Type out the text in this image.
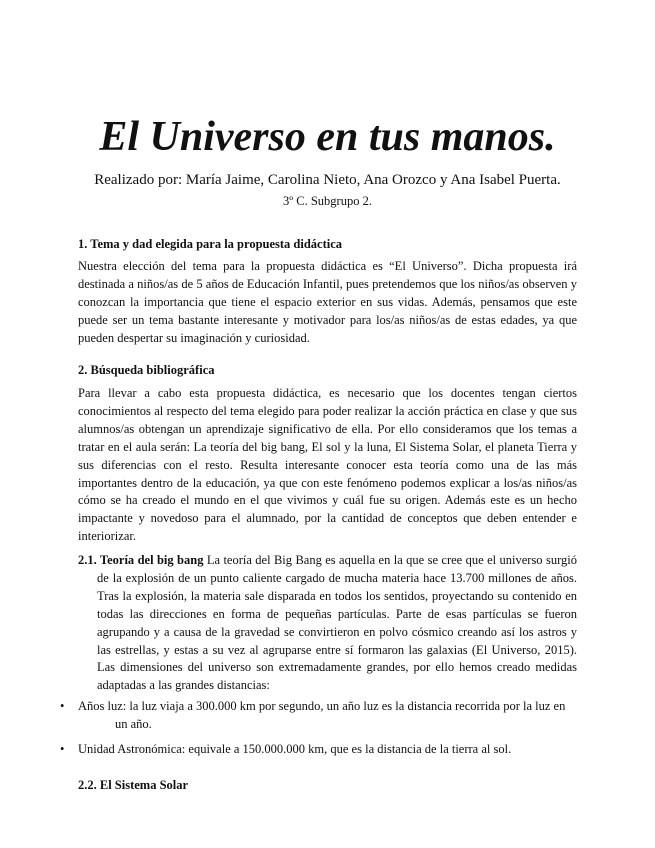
El Universo en tus manos.

Realizado por: María Jaime, Carolina Nieto, Ana Orozco y Ana Isabel Puerta.

3º C. Subgrupo 2.

1. Tema y dad elegida para la propuesta didáctica

Nuestra elección del tema para la propuesta didáctica es “El Universo”. Dicha propuesta irá destinada a niños/as de 5 años de Educación Infantil, pues pretendemos que los niños/as observen y conozcan la importancia que tiene el espacio exterior en sus vidas. Además, pensamos que este puede ser un tema bastante interesante y motivador para los/as niños/as de estas edades, ya que pueden despertar su imaginación y curiosidad.

2. Búsqueda bibliográfica

Para llevar a cabo esta propuesta didáctica, es necesario que los docentes tengan ciertos conocimientos al respecto del tema elegido para poder realizar la acción práctica en clase y que sus alumnos/as obtengan un aprendizaje significativo de ella. Por ello consideramos que los temas a tratar en el aula serán: La teoría del big bang, El sol y la luna, El Sistema Solar, el planeta Tierra y sus diferencias con el resto. Resulta interesante conocer esta teoría como una de las más importantes dentro de la educación, ya que con este fenómeno podemos explicar a los/as niños/as cómo se ha creado el mundo en el que vivimos y cuál fue su origen. Además este es un hecho impactante y novedoso para el alumnado, por la cantidad de conceptos que deben entender e interiorizar.

2.1. Teoría del big bang La teoría del Big Bang es aquella en la que se cree que el universo surgió de la explosión de un punto caliente cargado de mucha materia hace 13.700 millones de años. Tras la explosión, la materia sale disparada en todos los sentidos, proyectando su contenido en todas las direcciones en forma de pequeñas partículas. Parte de esas partículas se fueron agrupando y a causa de la gravedad se convirtieron en polvo cósmico creando así los astros y las estrellas, y estas a su vez al agruparse entre sí formaron las galaxias (El Universo, 2015). Las dimensiones del universo son extremadamente grandes, por ello hemos creado medidas adaptadas a las grandes distancias:

•	Años luz: la luz viaja a 300.000 km por segundo, un año luz es la distancia recorrida por la luz en
un año.
•	Unidad Astronómica: equivale a 150.000.000 km, que es la distancia de la tierra al sol.

2.2. El Sistema Solar
